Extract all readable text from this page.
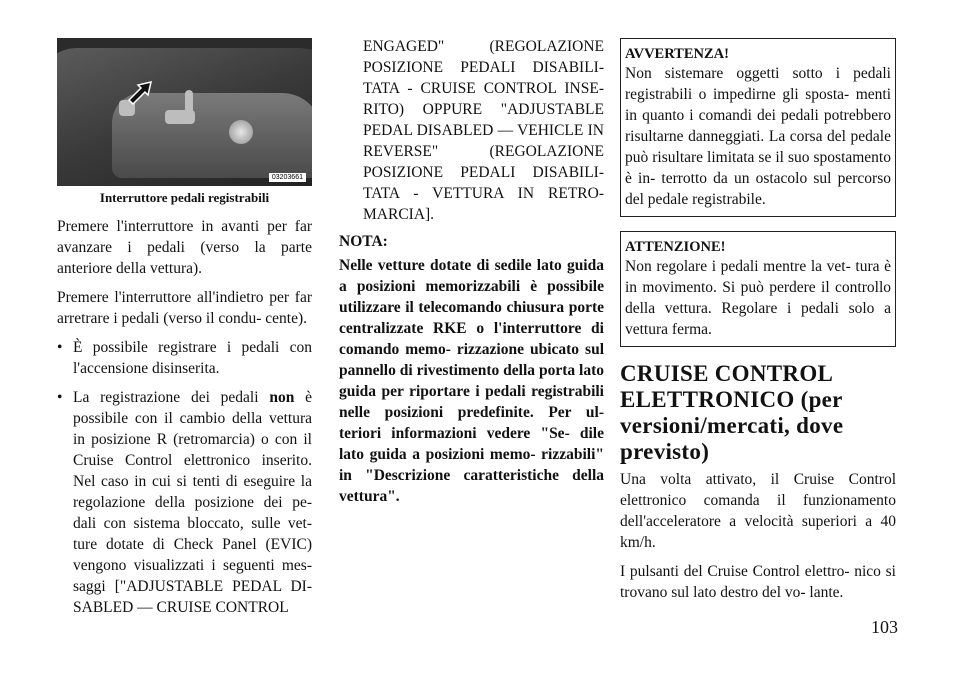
03203661
Interruttore pedali registrabili

Premere l'interruttore in avanti per far avanzare i pedali (verso la parte anteriore della vettura).

Premere l'interruttore all'indietro per far arretrare i pedali (verso il condu- cente).

• È possibile registrare i pedali con l'accensione disinserita.
• La registrazione dei pedali non è possibile con il cambio della vettura in posizione R (retromarcia) o con il Cruise Control elettronico inserito. Nel caso in cui si tenti di eseguire la regolazione della posizione dei pe- dali con sistema bloccato, sulle vet- ture dotate di Check Panel (EVIC) vengono visualizzati i seguenti mes- saggi ["ADJUSTABLE PEDAL DI- SABLED — CRUISE CONTROL

ENGAGED" (REGOLAZIONE POSIZIONE PEDALI DISABILI- TATA - CRUISE CONTROL INSE- RITO) OPPURE "ADJUSTABLE PEDAL DISABLED — VEHICLE IN REVERSE" (REGOLAZIONE POSIZIONE PEDALI DISABILI- TATA - VETTURA IN RETRO- MARCIA].

NOTA:

Nelle vetture dotate di sedile lato guida a posizioni memorizzabili è possibile utilizzare il telecomando chiusura porte centralizzate RKE o l'interruttore di comando memo- rizzazione ubicato sul pannello di rivestimento della porta lato guida per riportare i pedali registrabili nelle posizioni predefinite. Per ul- teriori informazioni vedere "Se- dile lato guida a posizioni memo- rizzabili" in "Descrizione caratteristiche della vettura".

AVVERTENZA!

Non sistemare oggetti sotto i pedali registrabili o impedirne gli sposta- menti in quanto i comandi dei pedali potrebbero risultarne danneggiati. La corsa del pedale può risultare limitata se il suo spostamento è in- terrotto da un ostacolo sul percorso del pedale registrabile.

ATTENZIONE!

Non regolare i pedali mentre la vet- tura è in movimento. Si può perdere il controllo della vettura. Regolare i pedali solo a vettura ferma.

CRUISE CONTROL ELETTRONICO (per versioni/mercati, dove previsto)

Una volta attivato, il Cruise Control elettronico comanda il funzionamento dell'acceleratore a velocità superiori a 40 km/h.

I pulsanti del Cruise Control elettro- nico si trovano sul lato destro del vo- lante.

103
